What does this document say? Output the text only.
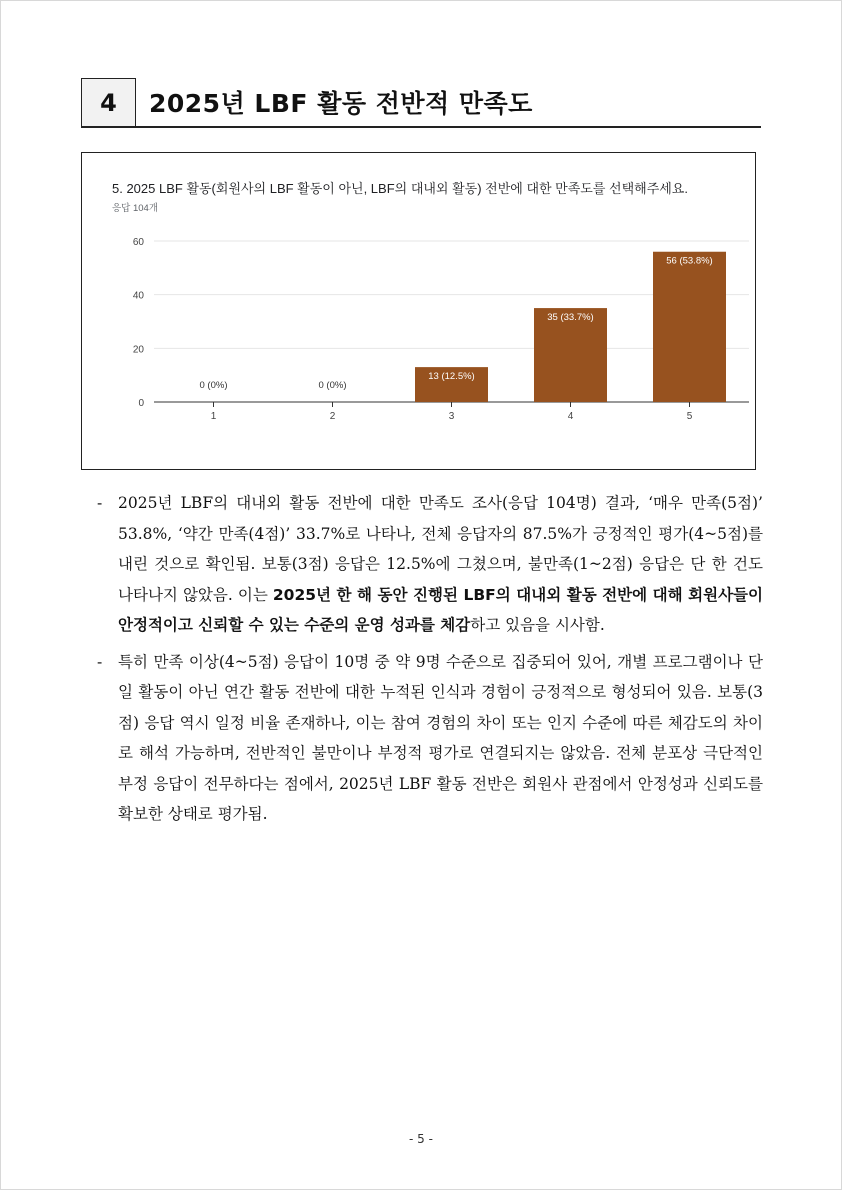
4	2025년 LBF 활동 전반적 만족도
5. 2025 LBF 활동(회원사의 LBF 활동이 아닌, LBF의 대내외 활동) 전반에 대한 만족도를 선택해주세요.
응답 104개
0
20
40
60
0 (0%)
1
0 (0%)
2
13 (12.5%)
3
35 (33.7%)
4
56 (53.8%)
5
- 2025년 LBF의 대내외 활동 전반에 대한 만족도 조사(응답 104명) 결과, ‘매우 만족(5점)’ 53.8%, ‘약간 만족(4점)’ 33.7%로 나타나, 전체 응답자의 87.5%가 긍정적인 평가(4~5점)를 내린 것으로 확인됨. 보통(3점) 응답은 12.5%에 그쳤으며, 불만족(1~2점) 응답은 단 한 건도 나타나지 않았음. 이는 2025년 한 해 동안 진행된 LBF의 대내외 활동 전반에 대해 회원사들이 안정적이고 신뢰할 수 있는 수준의 운영 성과를 체감하고 있음을 시사함.
- 특히 만족 이상(4~5점) 응답이 10명 중 약 9명 수준으로 집중되어 있어, 개별 프로그램이나 단일 활동이 아닌 연간 활동 전반에 대한 누적된 인식과 경험이 긍정적으로 형성되어 있음. 보통(3점) 응답 역시 일정 비율 존재하나, 이는 참여 경험의 차이 또는 인지 수준에 따른 체감도의 차이로 해석 가능하며, 전반적인 불만이나 부정적 평가로 연결되지는 않았음. 전체 분포상 극단적인 부정 응답이 전무하다는 점에서, 2025년 LBF 활동 전반은 회원사 관점에서 안정성과 신뢰도를 확보한 상태로 평가됨.
- 5 -
